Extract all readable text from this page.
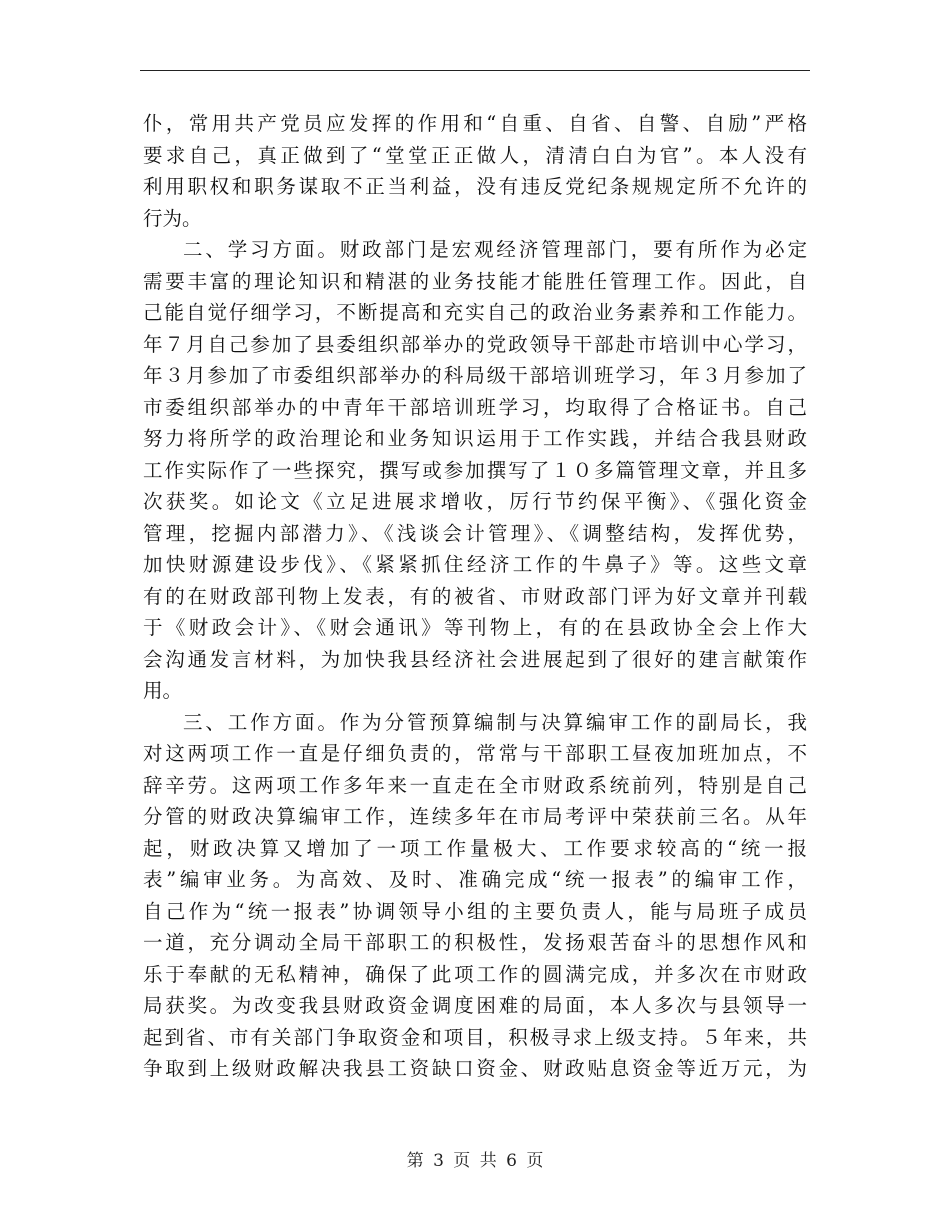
仆，常用共产党员应发挥的作用和“自重、自省、自警、自励”严格
要求自己，真正做到了“堂堂正正做人，清清白白为官”。本人没有
利用职权和职务谋取不正当利益，没有违反党纪条规规定所不允许的
行为。
二、学习方面。财政部门是宏观经济管理部门，要有所作为必定
需要丰富的理论知识和精湛的业务技能才能胜任管理工作。因此，自
己能自觉仔细学习，不断提高和充实自己的政治业务素养和工作能力。
年７月自己参加了县委组织部举办的党政领导干部赴市培训中心学习，
年３月参加了市委组织部举办的科局级干部培训班学习，年３月参加了
市委组织部举办的中青年干部培训班学习，均取得了合格证书。自己
努力将所学的政治理论和业务知识运用于工作实践，并结合我县财政
工作实际作了一些探究，撰写或参加撰写了１０多篇管理文章，并且多
次获奖。如论文《立足进展求增收，厉行节约保平衡》、《强化资金
管理，挖掘内部潜力》、《浅谈会计管理》、《调整结构，发挥优势，
加快财源建设步伐》、《紧紧抓住经济工作的牛鼻子》等。这些文章
有的在财政部刊物上发表，有的被省、市财政部门评为好文章并刊载
于《财政会计》、《财会通讯》等刊物上，有的在县政协全会上作大
会沟通发言材料，为加快我县经济社会进展起到了很好的建言献策作
用。
三、工作方面。作为分管预算编制与决算编审工作的副局长，我
对这两项工作一直是仔细负责的，常常与干部职工昼夜加班加点，不
辞辛劳。这两项工作多年来一直走在全市财政系统前列，特别是自己
分管的财政决算编审工作，连续多年在市局考评中荣获前三名。从年
起，财政决算又增加了一项工作量极大、工作要求较高的“统一报
表”编审业务。为高效、及时、准确完成“统一报表”的编审工作，
自己作为“统一报表”协调领导小组的主要负责人，能与局班子成员
一道，充分调动全局干部职工的积极性，发扬艰苦奋斗的思想作风和
乐于奉献的无私精神，确保了此项工作的圆满完成，并多次在市财政
局获奖。为改变我县财政资金调度困难的局面，本人多次与县领导一
起到省、市有关部门争取资金和项目，积极寻求上级支持。５年来，共
争取到上级财政解决我县工资缺口资金、财政贴息资金等近万元，为
第 3 页 共 6 页
